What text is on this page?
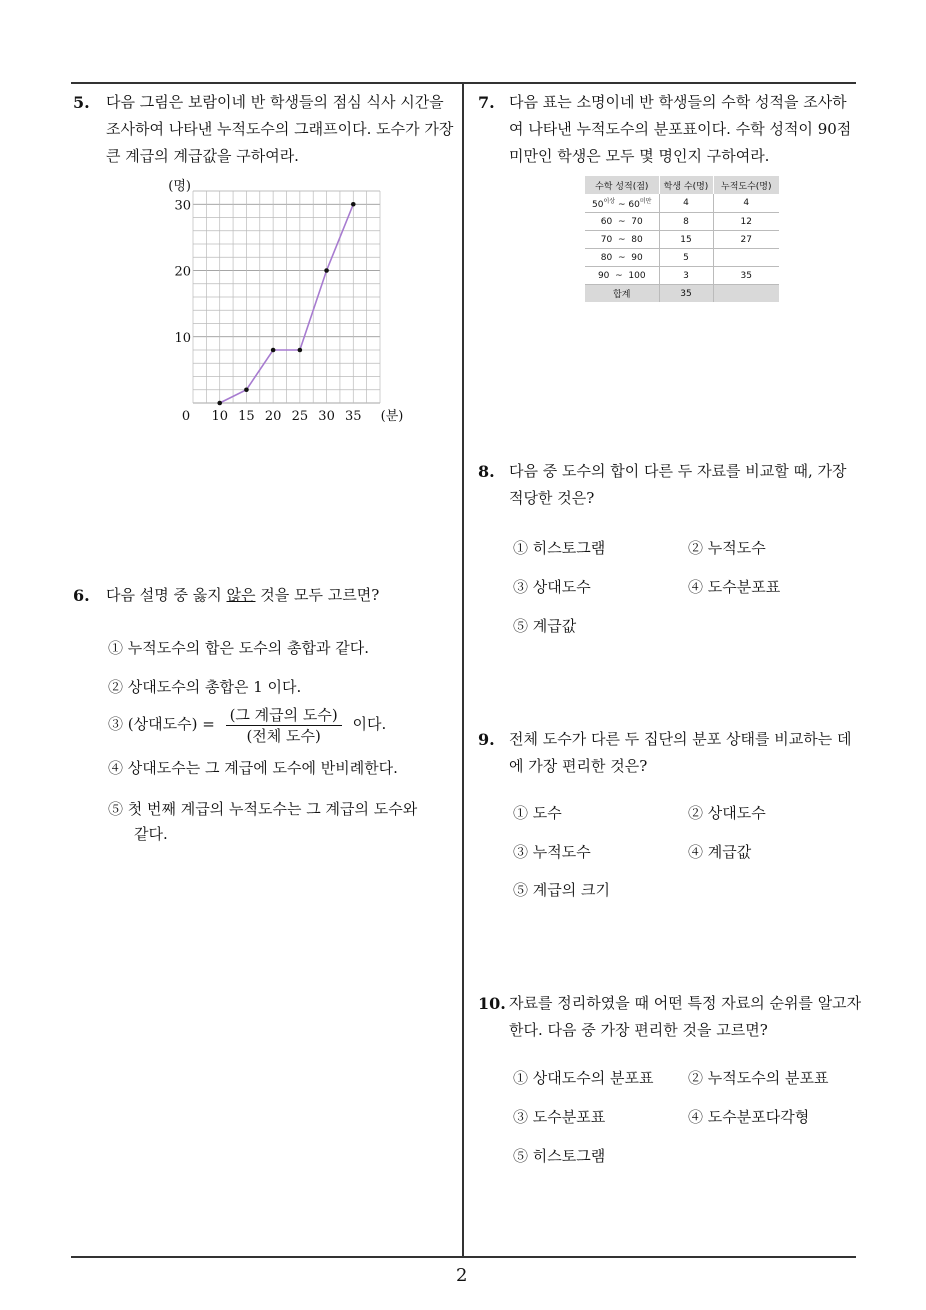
2
5. 다음 그림은 보람이네 반 학생들의 점심 식사 시간을
조사하여 나타낸 누적도수의 그래프이다. 도수가 가장
큰 계급의 계급값을 구하여라.
10 15 20 25 30 35
0
10
20
30
(명)
(분)
6.	다음 설명 중 옳지 않은 것을 모두 고르면?
① 누적도수의 합은 도수의 총합과 같다.
② 상대도수의 총합은 1 이다.
③ (상대도수) = $\frac{\text{(그 계급의 도수)}}{\text{(전체 도수)}}$ 이다.
④ 상대도수는 그 계급에 도수에 반비례한다.
⑤ 첫 번째 계급의 누적도수는 그 계급의 도수와
같다.
7. 다음 표는 소명이네 반 학생들의 수학 성적을 조사하
여 나타낸 누적도수의 분포표이다. 수학 성적이 90점
미만인 학생은 모두 몇 명인지 구하여라.
수학 성적(점)	학생 수(명)	누적도수(명)
$50^{이상}$ ~ $60^{미만}$	4	4
60  ~  70	8	12
70  ~  80	15	27
80  ~  90	5	
90  ~  100	3	35
합계	35	
8. 다음 중 도수의 합이 다른 두 자료를 비교할 때, 가장
적당한 것은?
① 히스토그램	② 누적도수
③ 상대도수	④ 도수분포표
⑤ 계급값
9. 전체 도수가 다른 두 집단의 분포 상태를 비교하는 데
에 가장 편리한 것은?
① 도수	② 상대도수
③ 누적도수	④ 계급값
⑤ 계급의 크기
10. 자료를 정리하였을 때 어떤 특정 자료의 순위를 알고자
한다. 다음 중 가장 편리한 것을 고르면?
① 상대도수의 분포표 ② 누적도수의 분포표
③ 도수분포표	④ 도수분포다각형
⑤ 히스토그램
